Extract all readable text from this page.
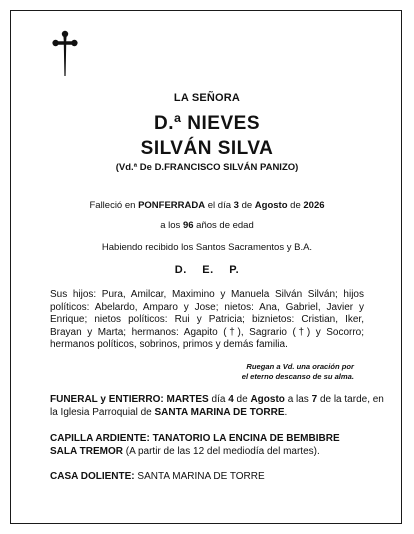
LA SEÑORA
D.ª NIEVES
SILVÁN SILVA
(Vd.ª De D.FRANCISCO SILVÁN PANIZO)
Falleció en PONFERRADA el día 3 de Agosto de 2026
a los 96 años de edad
Habiendo recibido los Santos Sacramentos y B.A.
D. E. P.
Sus hijos: Pura, Amilcar, Maximino y Manuela Silván Silván; hijos políticos: Abelardo, Amparo y Jose; nietos: Ana, Gabriel, Javier y Enrique; nietos políticos: Rui y Patricia; biznietos: Cristian, Iker, Brayan y Marta; hermanos: Agapito (†), Sagrario (†) y Socorro; hermanos políticos, sobrinos, primos y demás familia.
Ruegan a Vd. una oración por
el eterno descanso de su alma.
FUNERAL y ENTIERRO: MARTES día 4 de Agosto a las 7 de la tarde, en
la Iglesia Parroquial de SANTA MARINA DE TORRE.
CAPILLA ARDIENTE: TANATORIO LA ENCINA DE BEMBIBRE
SALA TREMOR (A partir de las 12 del mediodía del martes).
CASA DOLIENTE: SANTA MARINA DE TORRE
